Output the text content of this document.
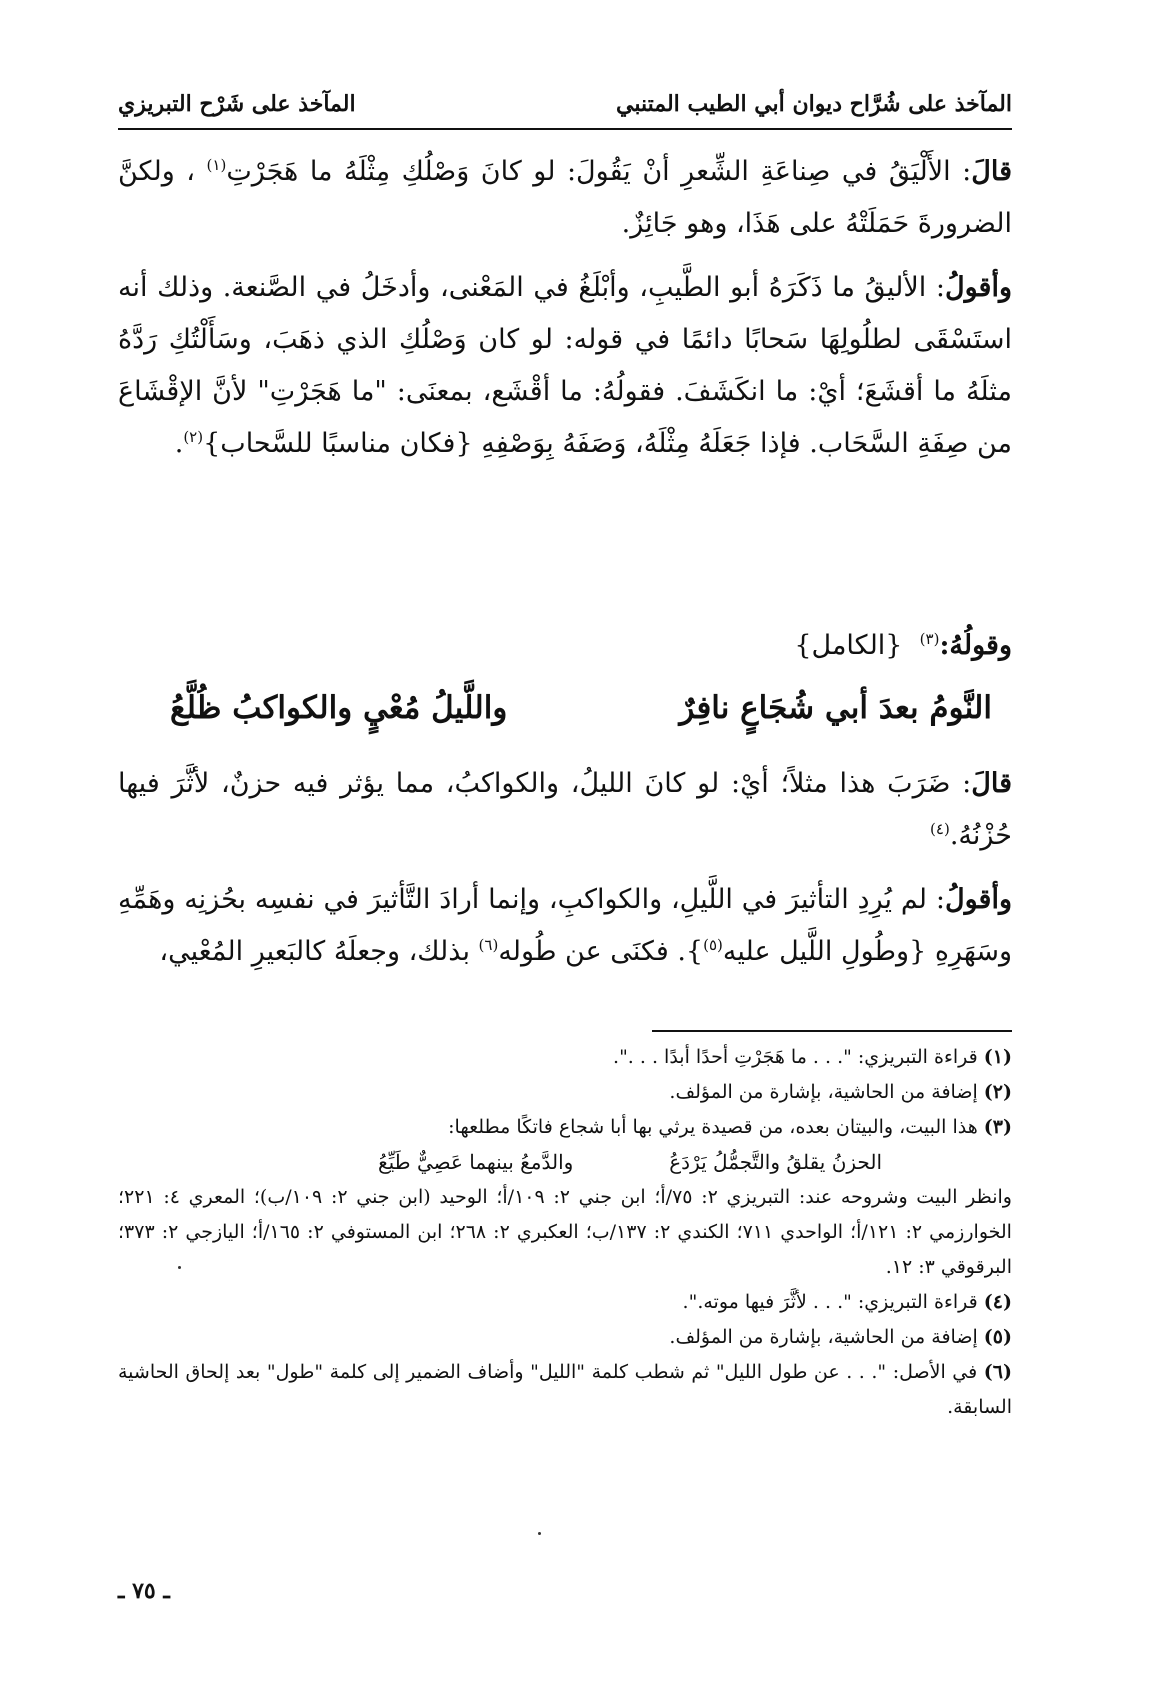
المآخذ على شُرَّاح ديوان أبي الطيب المتنبي
المآخذ على شَرْح التبريزي

قالَ: الأَلْيَقُ في صِناعَةِ الشِّعرِ أنْ يَقُولَ: لو كانَ وَصْلُكِ مِثْلَهُ ما هَجَرْتِ$^{(١)}$ ، ولكنَّ الضرورةَ حَمَلَتْهُ على هَذَا، وهو جَائِزٌ.

وأقولُ: الأليقُ ما ذَكَرَهُ أبو الطَّيبِ، وأبْلَغُ في المَعْنى، وأدخَلُ في الصَّنعة. وذلك أنه استَسْقَى لطلُولِهَا سَحابًا دائمًا في قوله: لو كان وَصْلُكِ الذي ذهَبَ، وسَأَلْتُكِ رَدَّهُ مثلَهُ ما أقشَعَ؛ أيْ: ما انكَشَفَ. فقولُهُ: ما أقْشَع، بمعنَى: "ما هَجَرْتِ" لأنَّ الإقْشَاعَ من صِفَةِ السَّحَاب. فإذا جَعَلَهُ مِثْلَهُ، وَصَفَهُ بِوَصْفِهِ {فكان مناسبًا للسَّحاب}$^{(٢)}$.

وقولُهُ:$^{(٣)}$  {الكامل}
النَّومُ بعدَ أبي شُجَاعٍ نافِرٌ
واللَّيلُ مُعْيٍ والكواكبُ ظُلَّعُ

قالَ: ضَرَبَ هذا مثلاً؛ أيْ: لو كانَ الليلُ، والكواكبُ، مما يؤثر فيه حزنٌ، لأثَّرَ فيها حُزْنُهُ.$^{(٤)}$

وأقولُ: لم يُرِدِ التأثيرَ في اللَّيلِ، والكواكبِ، وإنما أرادَ التَّأثيرَ في نفسِه بحُزنِه وهَمِّهِ وسَهَرِهِ {وطُولِ اللَّيل عليه$^{(٥)}$}. فكنَى عن طُوله$^{(٦)}$ بذلك، وجعلَهُ كالبَعيرِ المُعْيي،

(١) قراءة التبريزي: ". . . ما هَجَرْتِ أحدًا أبدًا . . .".

(٢) إضافة من الحاشية، بإشارة من المؤلف.

(٣) هذا البيت، والبيتان بعده، من قصيدة يرثي بها أبا شجاع فاتكًا مطلعها:

الحزنُ يقلقُ والتَّجمُّلُ يَرْدَعُ
والدَّمعُ بينهما عَصِيٌّ طَيِّعُ

وانظر البيت وشروحه عند: التبريزي ٢: ٧٥/أ؛ ابن جني ٢: ١٠٩/أ؛ الوحيد (ابن جني ٢: ١٠٩/ب)؛ المعري ٤: ٢٢١؛ الخوارزمي ٢: ١٢١/أ؛ الواحدي ٧١١؛ الكندي ٢: ١٣٧/ب؛ العكبري ٢: ٢٦٨؛ ابن المستوفي ٢: ١٦٥/أ؛ اليازجي ٢: ٣٧٣؛ البرقوقي ٣: ١٢.

(٤) قراءة التبريزي: ". . . لأثَّرَ فيها موته.".

(٥) إضافة من الحاشية، بإشارة من المؤلف.

(٦) في الأصل: ". . . عن طول الليل" ثم شطب كلمة "الليل" وأضاف الضمير إلى كلمة "طول" بعد إلحاق الحاشية السابقة.

ـ ٧٥ ـ
